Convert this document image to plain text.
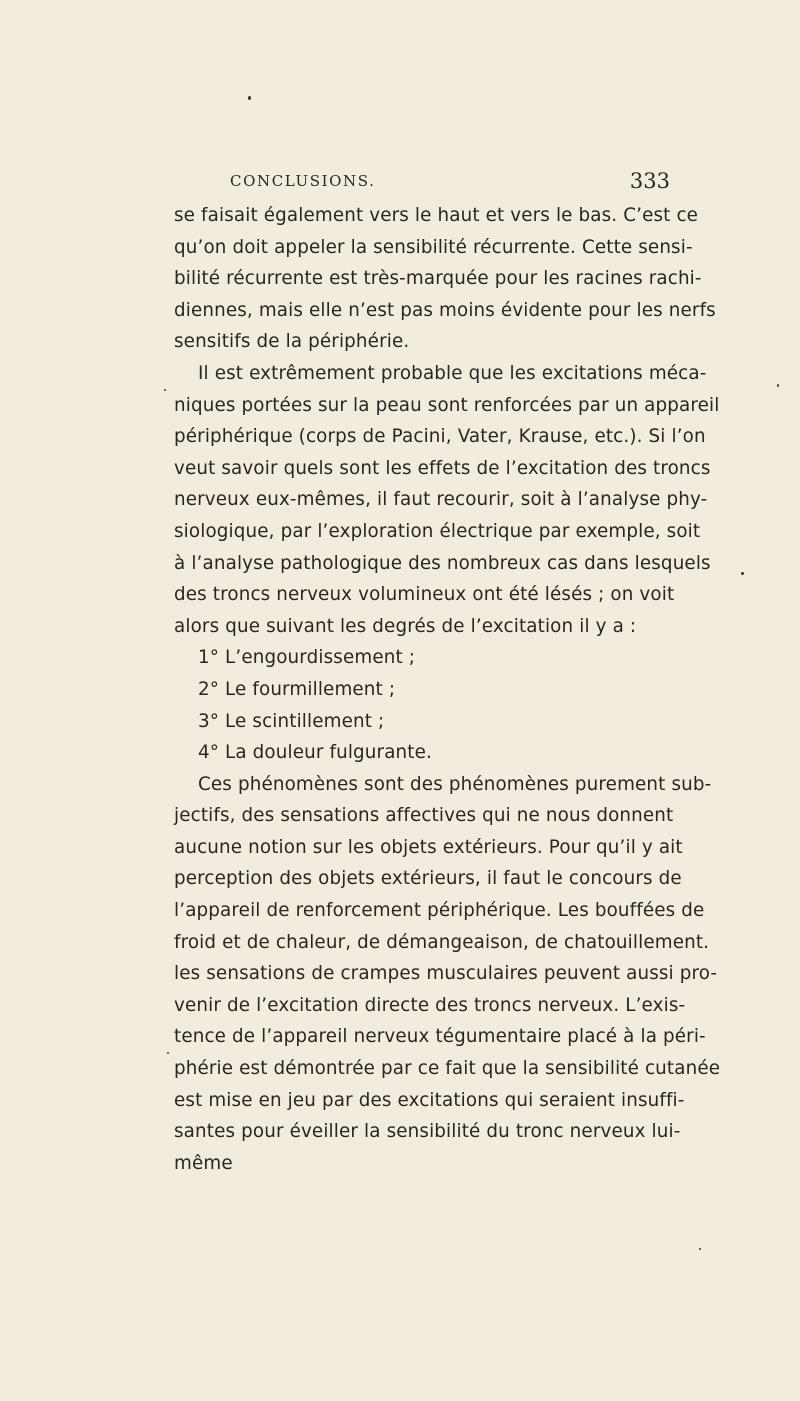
CONCLUSIONS.	333
se faisait également vers le haut et vers le bas. C’est ce
qu’on doit appeler la sensibilité récurrente. Cette sensi-
bilité récurrente est très-marquée pour les racines rachi-
diennes, mais elle n’est pas moins évidente pour les nerfs
sensitifs de la périphérie.
Il est extrêmement probable que les excitations méca-
niques portées sur la peau sont renforcées par un appareil
périphérique (corps de Pacini, Vater, Krause, etc.). Si l’on
veut savoir quels sont les effets de l’excitation des troncs
nerveux eux-mêmes, il faut recourir, soit à l’analyse phy-
siologique, par l’exploration électrique par exemple, soit
à l’analyse pathologique des nombreux cas dans lesquels
des troncs nerveux volumineux ont été lésés ; on voit
alors que suivant les degrés de l’excitation il y a :
1° L’engourdissement ;
2° Le fourmillement ;
3° Le scintillement ;
4° La douleur fulgurante.
Ces phénomènes sont des phénomènes purement sub-
jectifs, des sensations affectives qui ne nous donnent
aucune notion sur les objets extérieurs. Pour qu’il y ait
perception des objets extérieurs, il faut le concours de
l’appareil de renforcement périphérique. Les bouffées de
froid et de chaleur, de démangeaison, de chatouillement.
les sensations de crampes musculaires peuvent aussi pro-
venir de l’excitation directe des troncs nerveux. L’exis-
tence de l’appareil nerveux tégumentaire placé à la péri-
phérie est démontrée par ce fait que la sensibilité cutanée
est mise en jeu par des excitations qui seraient insuffi-
santes pour éveiller la sensibilité du tronc nerveux lui-
même
